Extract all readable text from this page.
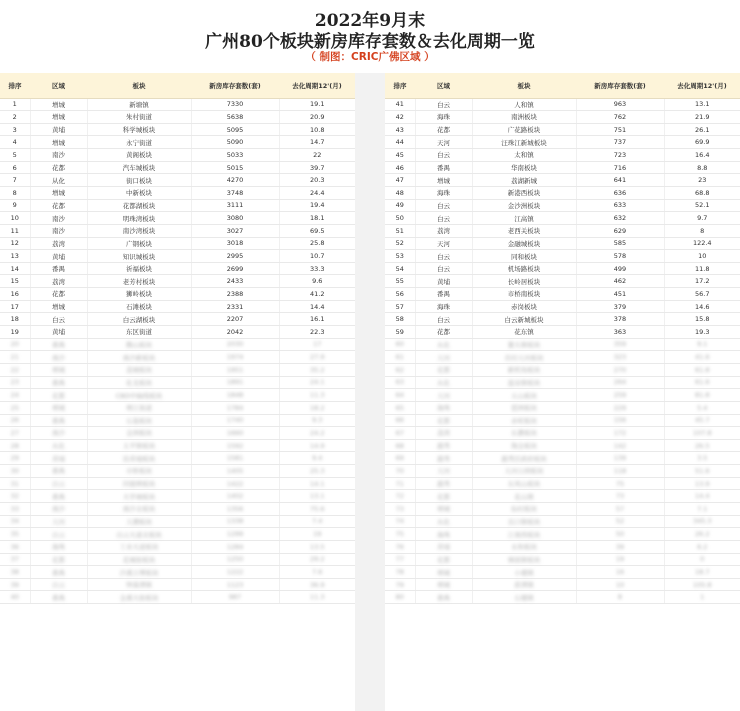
2022年9月末
广州80个板块新房库存套数＆去化周期一览
（ 制图：CRIC广佛区域 ）
排序	区域	板块	新房库存套数(套)	去化周期12'(月)
1	增城	新塘镇	7330	19.1
2	增城	朱村街道	5638	20.9
3	黄埔	科学城板块	5095	10.8
4	增城	永宁街道	5090	14.7
5	南沙	黄阁板块	5033	22
6	花都	汽车城板块	5015	39.7
7	从化	街口板块	4270	20.3
8	增城	中新板块	3748	24.4
9	花都	花都湖板块	3111	19.4
10	南沙	明珠湾板块	3080	18.1
11	南沙	南沙湾板块	3027	69.5
12	荔湾	广钢板块	3018	25.8
13	黄埔	知识城板块	2995	10.7
14	番禺	祈福板块	2699	33.3
15	荔湾	老芳村板块	2433	9.6
16	花都	狮岭板块	2388	41.2
17	增城	石滩板块	2331	14.4
18	白云	白云湖板块	2207	16.1
19	黄埔	东区街道	2042	22.3
20	番禺	腾山板块	2030	17
21	南沙	南沙新板块	1974	27.9
22	增城	荔城板块	1951	35.2
23	番禺	化龙板块	1891	24.1
24	花都	CBD中轴线板块	1848	11.3
25	增城	增江街道	1784	18.2
26	番禺	石基板块	1740	9.3
27	南沙	金洲板块	1660	24.2
28	从化	太平镇板块	1592	14.9
29	黄埔	沿黄埔板块	1581	9.4
30	番禺	市桥板块	1405	25.3
31	白云	同德围板块	1422	14.1
32	番禺	大学城板块	1402	13.1
33	南沙	南沙北板块	1356	75.6
34	天河	天潮板块	1338	7.4
35	白云	白云大道北板块	1299	19
36	海珠	工业大道板块	1284	13.5
37	花都	花城街板块	1250	29.2
38	番禺	沙溪万博板块	1222	7.6
39	白云	钟落潭镇	1123	36.9
40	番禺	金溪大街板块	987	11.3
排序	区域	板块	新房库存套数(套)	去化周期12'(月)
41	白云	人和镇	963	13.1
42	海珠	南洲板块	762	21.9
43	花都	广花路板块	751	26.1
44	天河	汪珠江新城板块	737	69.9
45	白云	太和镇	723	16.4
46	番禺	华南板块	716	8.8
47	增城	荔湖新城	641	23
48	海珠	新港西板块	636	68.8
49	白云	金沙洲板块	633	52.1
50	白云	江高镇	632	9.7
51	荔湾	老西关板块	629	8
52	天河	金融城板块	585	122.4
53	白云	同和板块	578	10
54	白云	机场路板块	499	11.8
55	黄埔	长岭居板块	462	17.2
56	番禺	市桥南板块	451	56.7
57	海珠	赤岗板块	379	14.6
58	白云	白云新城板块	378	15.8
59	花都	花东镇	363	19.3
60	从化	鳌头镇板块	359	9.1
61	天河	员村天河板块	323	41.6
62	花都	新机场板块	270	61.8
63	从化	温泉镇板块	264	61.6
64	天河	五山板块	259	81.8
65	海珠	琶洲板块	229	5.4
66	花都	赤坭板块	156	45.7
67	荔湾	东漖板块	172	107.8
68	越秀	淘金板块	142	26.5
69	越秀	越秀区政府板块	139	3.5
70	天河	天河公园板块	118	51.6
71	越秀	东风山板块	75	13.9
72	花都	花山镇	73	14.4
73	增城	仙村板块	57	7.1
74	从化	良口镇板块	52	345.3
75	海珠	江南西板块	50	26.2
76	黄埔	永和板块	39	6.2
77	花都	梯面镇板块	19	0
78	增城	小楼镇	16	18.7
79	增城	派潭镇	10	105.8
80	番禺	石楼镇	8	1
